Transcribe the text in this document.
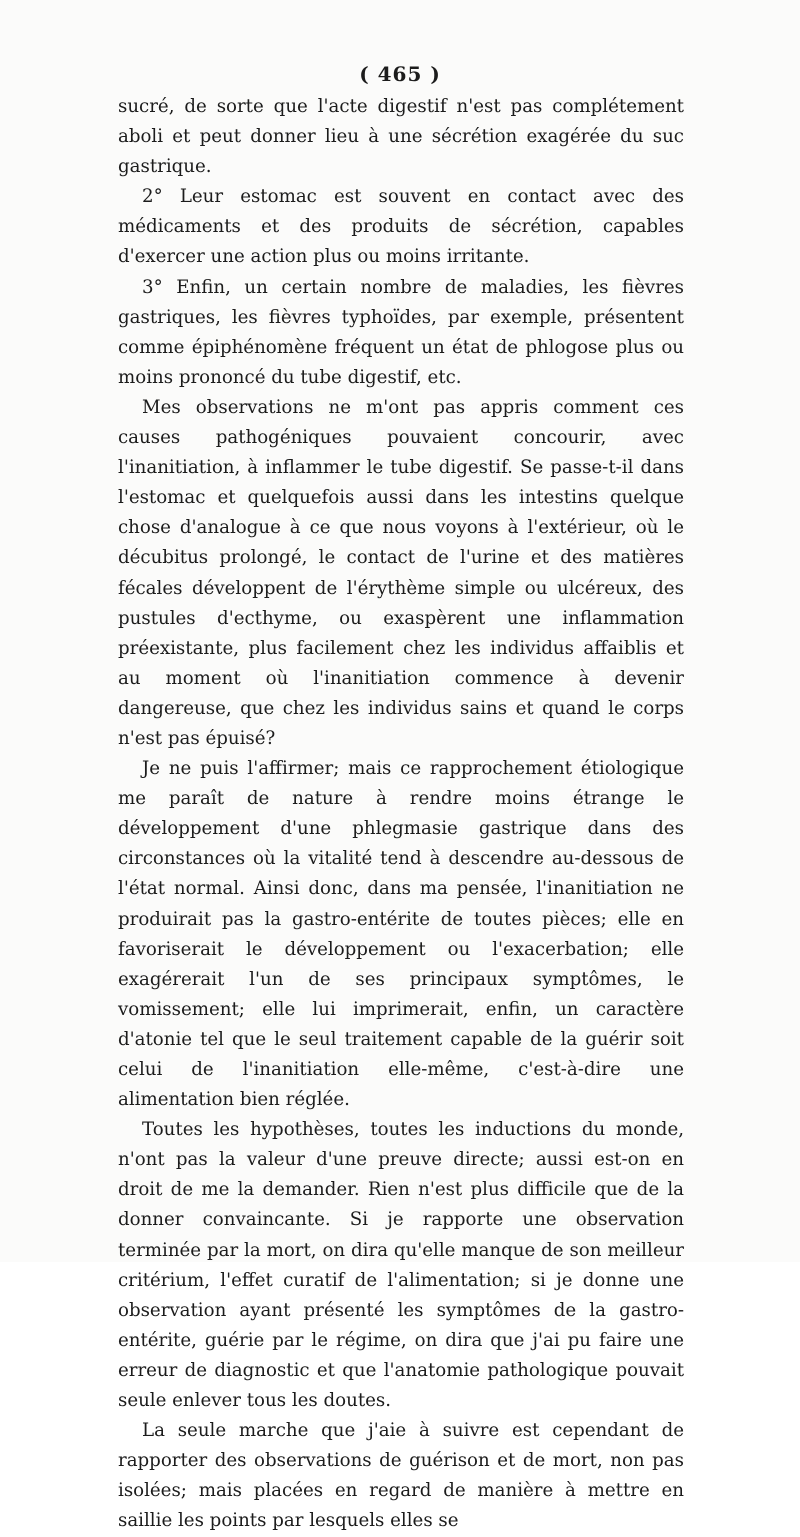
( 465 )

sucré, de sorte que l'acte digestif n'est pas complétement aboli et peut donner lieu à une sécrétion exagérée du suc gastrique.

2° Leur estomac est souvent en contact avec des médicaments et des produits de sécrétion, capables d'exercer une action plus ou moins irritante.

3° Enfin, un certain nombre de maladies, les fièvres gastriques, les fièvres typhoïdes, par exemple, présentent comme épiphénomène fréquent un état de phlogose plus ou moins prononcé du tube digestif, etc.

Mes observations ne m'ont pas appris comment ces causes pathogéniques pouvaient concourir, avec l'inanitiation, à inflammer le tube digestif. Se passe-t-il dans l'estomac et quelquefois aussi dans les intestins quelque chose d'analogue à ce que nous voyons à l'extérieur, où le décubitus prolongé, le contact de l'urine et des matières fécales développent de l'érythème simple ou ulcéreux, des pustules d'ecthyme, ou exaspèrent une inflammation préexistante, plus facilement chez les individus affaiblis et au moment où l'inanitiation commence à devenir dangereuse, que chez les individus sains et quand le corps n'est pas épuisé?

Je ne puis l'affirmer; mais ce rapprochement étiologique me paraît de nature à rendre moins étrange le développement d'une phlegmasie gastrique dans des circonstances où la vitalité tend à descendre au-dessous de l'état normal. Ainsi donc, dans ma pensée, l'inanitiation ne produirait pas la gastro-entérite de toutes pièces; elle en favoriserait le développement ou l'exacerbation; elle exagérerait l'un de ses principaux symptômes, le vomissement; elle lui imprimerait, enfin, un caractère d'atonie tel que le seul traitement capable de la guérir soit celui de l'inanitiation elle-même, c'est-à-dire une alimentation bien réglée.

Toutes les hypothèses, toutes les inductions du monde, n'ont pas la valeur d'une preuve directe; aussi est-on en droit de me la demander. Rien n'est plus difficile que de la donner convaincante. Si je rapporte une observation terminée par la mort, on dira qu'elle manque de son meilleur critérium, l'effet curatif de l'alimentation; si je donne une observation ayant présenté les symptômes de la gastro-entérite, guérie par le régime, on dira que j'ai pu faire une erreur de diagnostic et que l'anatomie pathologique pouvait seule enlever tous les doutes.

La seule marche que j'aie à suivre est cependant de rapporter des observations de guérison et de mort, non pas isolées; mais placées en regard de manière à mettre en saillie les points par lesquels elles se
